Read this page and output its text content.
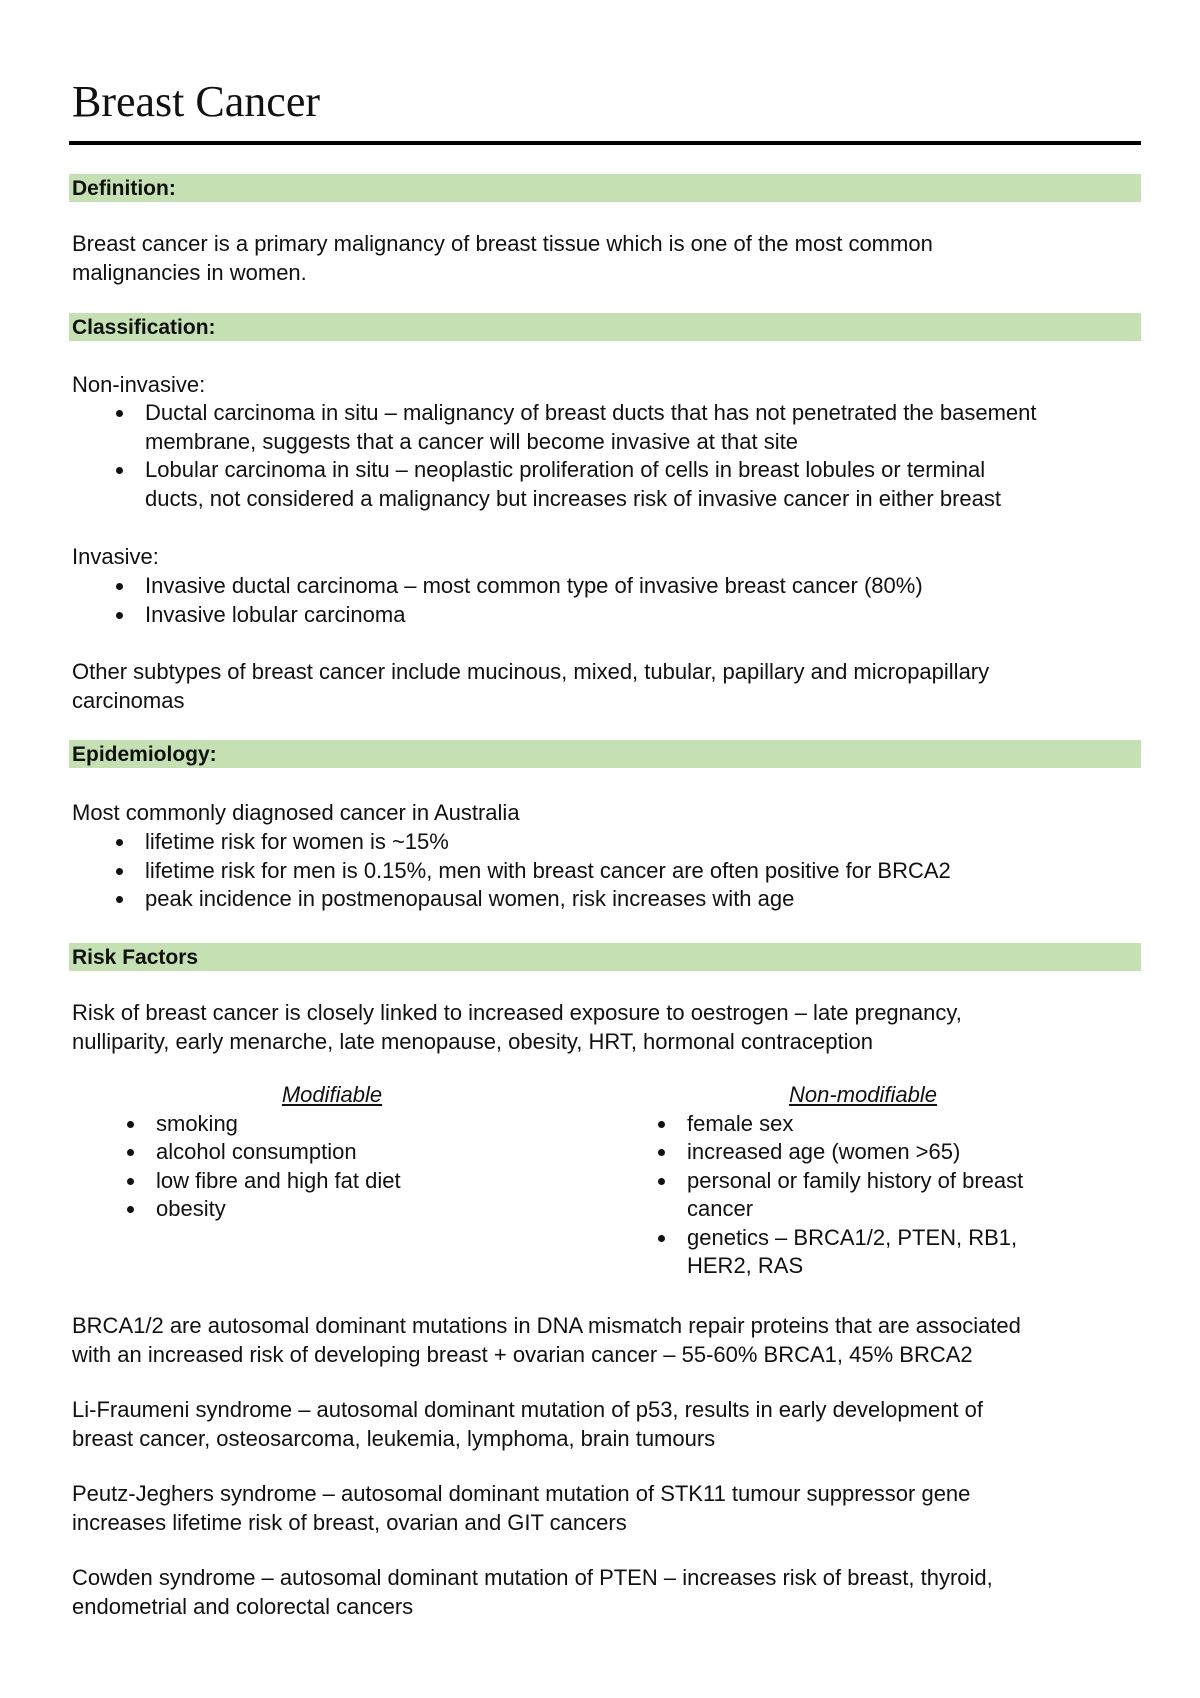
Breast Cancer
Definition:
Breast cancer is a primary malignancy of breast tissue which is one of the most common
malignancies in women.
Classification:
Non-invasive:
Ductal carcinoma in situ – malignancy of breast ducts that has not penetrated the basement
membrane, suggests that a cancer will become invasive at that site
Lobular carcinoma in situ – neoplastic proliferation of cells in breast lobules or terminal
ducts, not considered a malignancy but increases risk of invasive cancer in either breast
Invasive:
Invasive ductal carcinoma – most common type of invasive breast cancer (80%)
Invasive lobular carcinoma
Other subtypes of breast cancer include mucinous, mixed, tubular, papillary and micropapillary
carcinomas
Epidemiology:
Most commonly diagnosed cancer in Australia
lifetime risk for women is ~15%
lifetime risk for men is 0.15%, men with breast cancer are often positive for BRCA2
peak incidence in postmenopausal women, risk increases with age
Risk Factors
Risk of breast cancer is closely linked to increased exposure to oestrogen – late pregnancy,
nulliparity, early menarche, late menopause, obesity, HRT, hormonal contraception
Modifiable
smoking
alcohol consumption
low fibre and high fat diet
obesity
Non-modifiable
female sex
increased age (women >65)
personal or family history of breast
cancer
genetics – BRCA1/2, PTEN, RB1,
HER2, RAS
BRCA1/2 are autosomal dominant mutations in DNA mismatch repair proteins that are associated
with an increased risk of developing breast + ovarian cancer – 55-60% BRCA1, 45% BRCA2
Li-Fraumeni syndrome – autosomal dominant mutation of p53, results in early development of
breast cancer, osteosarcoma, leukemia, lymphoma, brain tumours
Peutz-Jeghers syndrome – autosomal dominant mutation of STK11 tumour suppressor gene
increases lifetime risk of breast, ovarian and GIT cancers
Cowden syndrome – autosomal dominant mutation of PTEN – increases risk of breast, thyroid,
endometrial and colorectal cancers
